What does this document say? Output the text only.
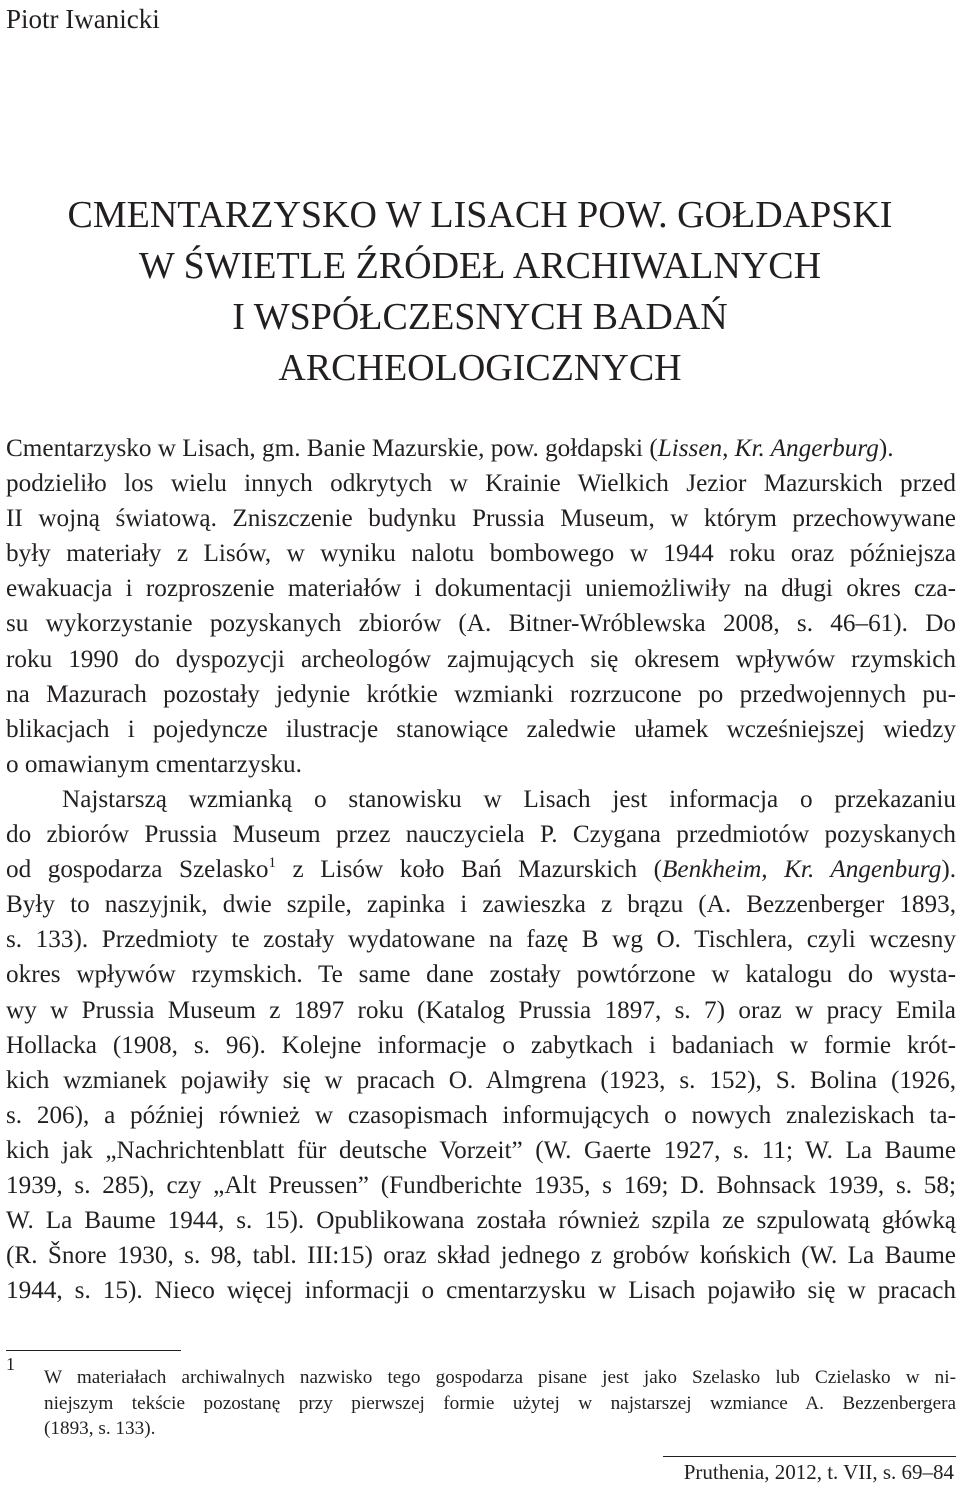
Piotr Iwanicki
CMENTARZYSKO W LISACH POW. GOŁDAPSKI
W ŚWIETLE ŹRÓDEŁ ARCHIWALNYCH
I WSPÓŁCZESNYCH BADAŃ
ARCHEOLOGICZNYCH
Cmentarzysko w Lisach, gm. Banie Mazurskie, pow. gołdapski (Lissen, Kr. Angerburg).
podzieliło los wielu innych odkrytych w Krainie Wielkich Jezior Mazurskich przed
II wojną światową. Zniszczenie budynku Prussia Museum, w którym przechowywane
były materiały z Lisów, w wyniku nalotu bombowego w 1944 roku oraz późniejsza
ewakuacja i rozproszenie materiałów i dokumentacji uniemożliwiły na długi okres cza-
su wykorzystanie pozyskanych zbiorów (A. Bitner-Wróblewska 2008, s. 46–61). Do
roku 1990 do dyspozycji archeologów zajmujących się okresem wpływów rzymskich
na Mazurach pozostały jedynie krótkie wzmianki rozrzucone po przedwojennych pu-
blikacjach i pojedyncze ilustracje stanowiące zaledwie ułamek wcześniejszej wiedzy
o omawianym cmentarzysku.
Najstarszą wzmianką o stanowisku w Lisach jest informacja o przekazaniu
do zbiorów Prussia Museum przez nauczyciela P. Czygana przedmiotów pozyskanych
od gospodarza Szelasko$^1$ z Lisów koło Bań Mazurskich (Benkheim, Kr. Angenburg).
Były to naszyjnik, dwie szpile, zapinka i zawieszka z brązu (A. Bezzenberger 1893,
s. 133). Przedmioty te zostały wydatowane na fazę B wg O. Tischlera, czyli wczesny
okres wpływów rzymskich. Te same dane zostały powtórzone w katalogu do wysta-
wy w Prussia Museum z 1897 roku (Katalog Prussia 1897, s. 7) oraz w pracy Emila
Hollacka (1908, s. 96). Kolejne informacje o zabytkach i badaniach w formie krót-
kich wzmianek pojawiły się w pracach O. Almgrena (1923, s. 152), S. Bolina (1926,
s. 206), a później również w czasopismach informujących o nowych znaleziskach ta-
kich jak „Nachrichtenblatt für deutsche Vorzeit” (W. Gaerte 1927, s. 11; W. La Baume
1939, s. 285), czy „Alt Preussen” (Fundberichte 1935, s 169; D. Bohnsack 1939, s. 58;
W. La Baume 1944, s. 15). Opublikowana została również szpila ze szpulowatą główką
(R. Šnore 1930, s. 98, tabl. III:15) oraz skład jednego z grobów końskich (W. La Baume
1944, s. 15). Nieco więcej informacji o cmentarzysku w Lisach pojawiło się w pracach
1
W materiałach archiwalnych nazwisko tego gospodarza pisane jest jako Szelasko lub Czielasko w ni-
niejszym tekście pozostanę przy pierwszej formie użytej w najstarszej wzmiance A. Bezzenbergera
(1893, s. 133).
Pruthenia, 2012, t. VII, s. 69–84
